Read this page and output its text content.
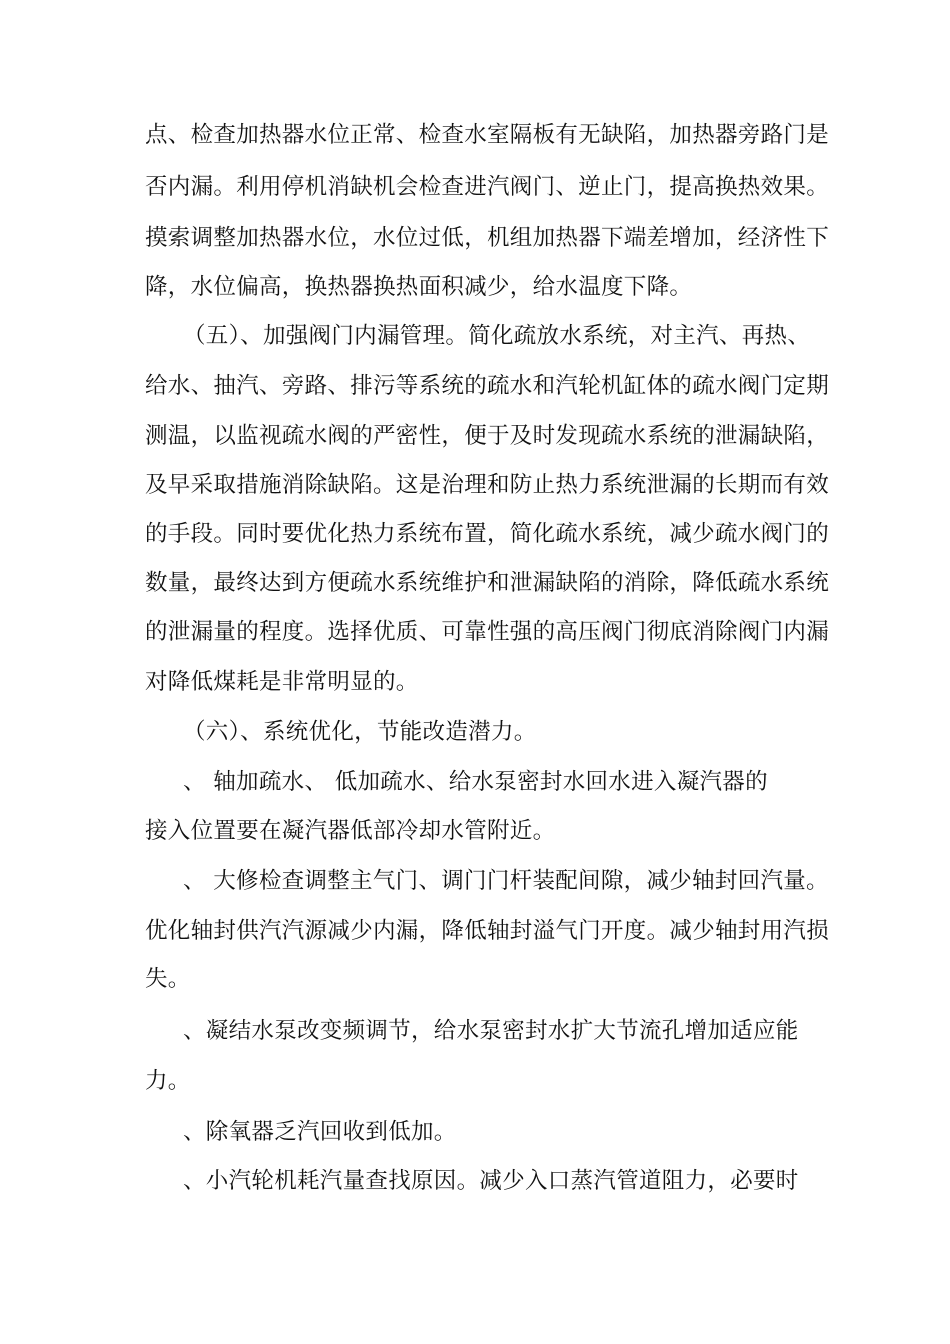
点、检查加热器水位正常、检查水室隔板有无缺陷，加热器旁路门是
否内漏。利用停机消缺机会检查进汽阀门、逆止门，提高换热效果。
摸索调整加热器水位，水位过低，机组加热器下端差增加，经济性下
降，水位偏高，换热器换热面积减少，给水温度下降。
（五）、加强阀门内漏管理。简化疏放水系统，对主汽、再热、
给水、抽汽、旁路、排污等系统的疏水和汽轮机缸体的疏水阀门定期
测温，以监视疏水阀的严密性，便于及时发现疏水系统的泄漏缺陷，
及早采取措施消除缺陷。这是治理和防止热力系统泄漏的长期而有效
的手段。同时要优化热力系统布置，简化疏水系统，减少疏水阀门的
数量，最终达到方便疏水系统维护和泄漏缺陷的消除，降低疏水系统
的泄漏量的程度。选择优质、可靠性强的高压阀门彻底消除阀门内漏
对降低煤耗是非常明显的。
（六）、系统优化，节能改造潜力。
、 轴加疏水、 低加疏水、给水泵密封水回水进入凝汽器的
接入位置要在凝汽器低部冷却水管附近。
、 大修检查调整主气门、调门门杆装配间隙，减少轴封回汽量。
优化轴封供汽汽源减少内漏，降低轴封溢气门开度。减少轴封用汽损
失。
、凝结水泵改变频调节，给水泵密封水扩大节流孔增加适应能
力。
、除氧器乏汽回收到低加。
、小汽轮机耗汽量查找原因。减少入口蒸汽管道阻力，必要时
